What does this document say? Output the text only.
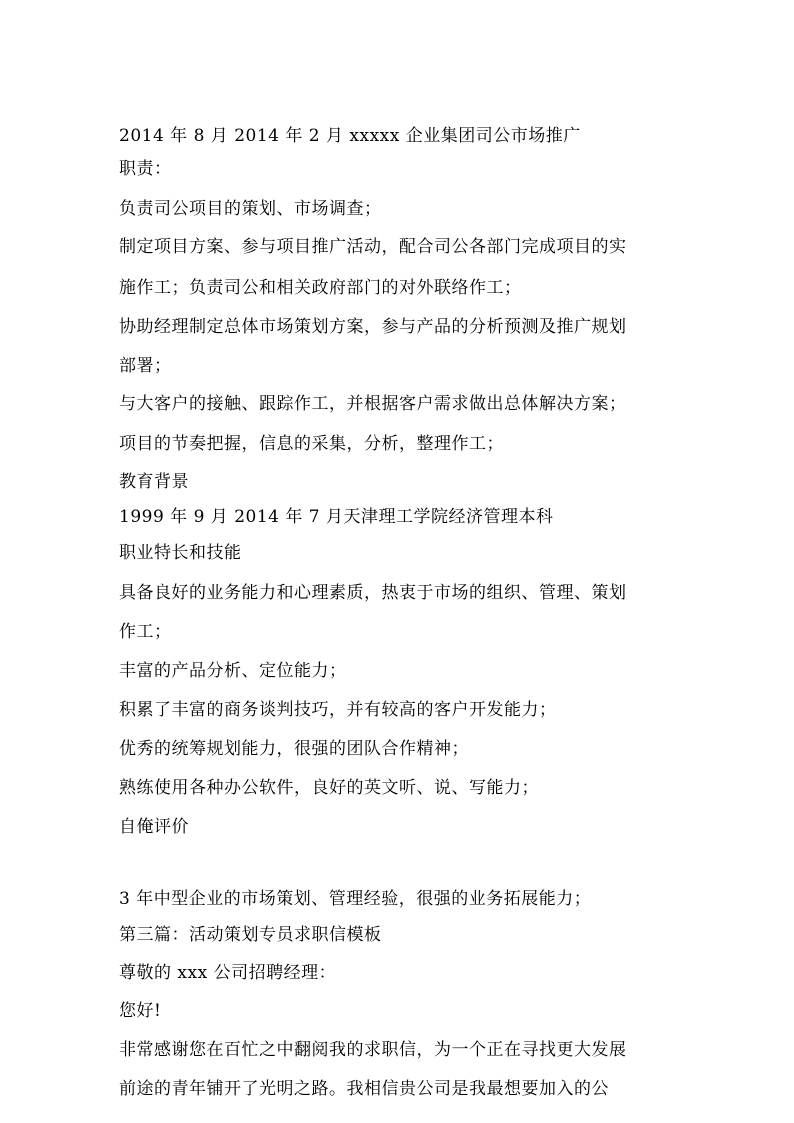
2014 年 8 月 2014 年 2 月 xxxxx 企业集团司公市场推广
职责：
负责司公项目的策划、市场调查；
制定项目方案、参与项目推广活动，配合司公各部门完成项目的实
施作工；负责司公和相关政府部门的对外联络作工；
协助经理制定总体市场策划方案，参与产品的分析预测及推广规划
部署；
与大客户的接触、跟踪作工，并根据客户需求做出总体解决方案；
项目的节奏把握，信息的采集，分析，整理作工；
教育背景
1999 年 9 月 2014 年 7 月天津理工学院经济管理本科
职业特长和技能
具备良好的业务能力和心理素质，热衷于市场的组织、管理、策划
作工；
丰富的产品分析、定位能力；
积累了丰富的商务谈判技巧，并有较高的客户开发能力；
优秀的统筹规划能力，很强的团队合作精神；
熟练使用各种办公软件，良好的英文听、说、写能力；
自俺评价
3 年中型企业的市场策划、管理经验，很强的业务拓展能力；
第三篇：活动策划专员求职信模板
尊敬的 xxx 公司招聘经理：
您好!
非常感谢您在百忙之中翻阅我的求职信，为一个正在寻找更大发展
前途的青年铺开了光明之路。我相信贵公司是我最想要加入的公
